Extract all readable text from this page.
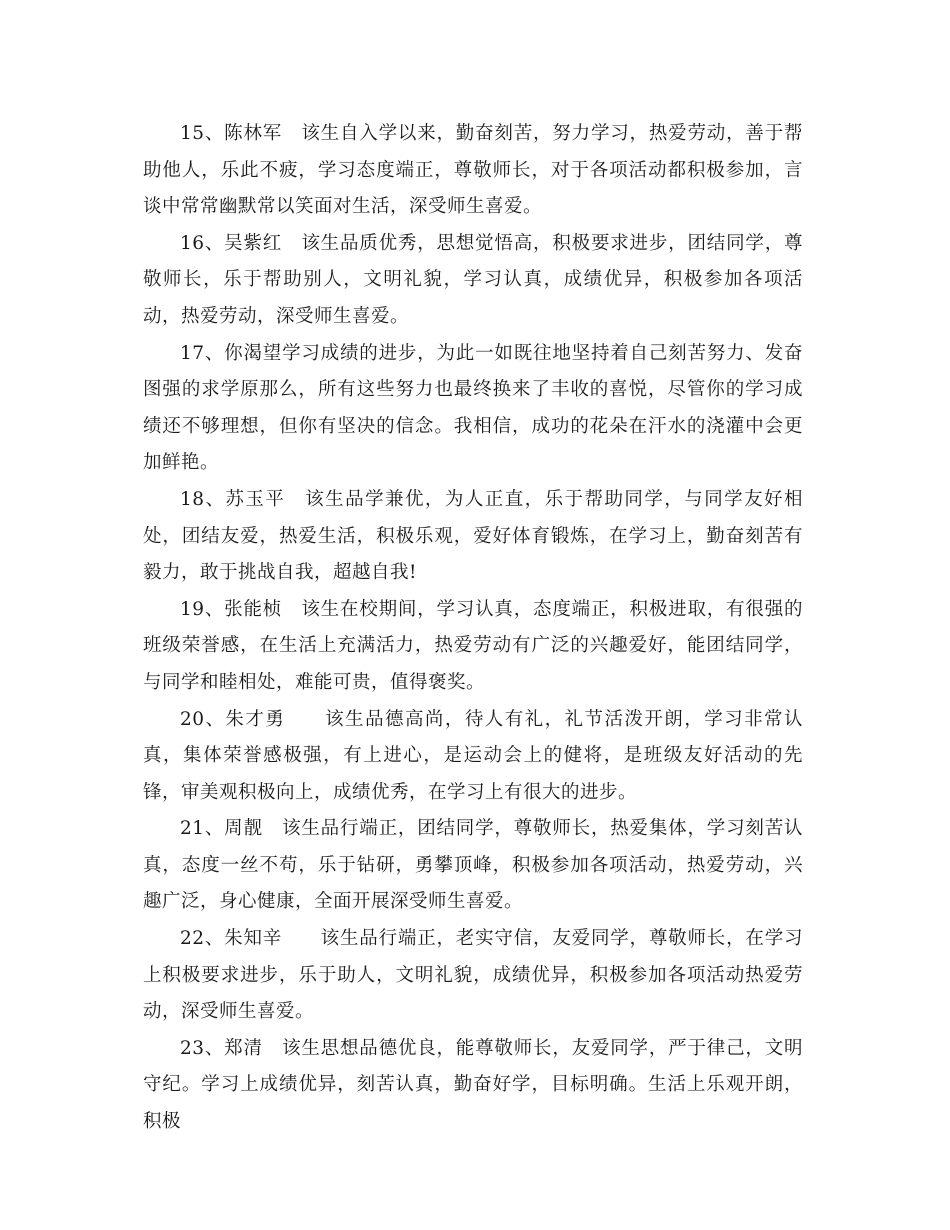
15、陈林军　该生自入学以来，勤奋刻苦，努力学习，热爱劳动，善于帮助他人，乐此不疲，学习态度端正，尊敬师长，对于各项活动都积极参加，言谈中常常幽默常以笑面对生活，深受师生喜爱。

16、吴紫红　该生品质优秀，思想觉悟高，积极要求进步，团结同学，尊敬师长，乐于帮助别人，文明礼貌，学习认真，成绩优异，积极参加各项活动，热爱劳动，深受师生喜爱。

17、你渴望学习成绩的进步，为此一如既往地坚持着自己刻苦努力、发奋图强的求学原那么，所有这些努力也最终换来了丰收的喜悦，尽管你的学习成绩还不够理想，但你有坚决的信念。我相信，成功的花朵在汗水的浇灌中会更加鲜艳。

18、苏玉平　该生品学兼优，为人正直，乐于帮助同学，与同学友好相处，团结友爱，热爱生活，积极乐观，爱好体育锻炼，在学习上，勤奋刻苦有毅力，敢于挑战自我，超越自我!

19、张能桢　该生在校期间，学习认真，态度端正，积极进取，有很强的班级荣誉感，在生活上充满活力，热爱劳动有广泛的兴趣爱好，能团结同学，与同学和睦相处，难能可贵，值得褒奖。

20、朱才勇　　该生品德高尚，待人有礼，礼节活泼开朗，学习非常认真，集体荣誉感极强，有上进心，是运动会上的健将，是班级友好活动的先锋，审美观积极向上，成绩优秀，在学习上有很大的进步。

21、周靓　该生品行端正，团结同学，尊敬师长，热爱集体，学习刻苦认真，态度一丝不苟，乐于钻研，勇攀顶峰，积极参加各项活动，热爱劳动，兴趣广泛，身心健康，全面开展深受师生喜爱。

22、朱知辛　　该生品行端正，老实守信，友爱同学，尊敬师长，在学习上积极要求进步，乐于助人，文明礼貌，成绩优异，积极参加各项活动热爱劳动，深受师生喜爱。

23、郑清　该生思想品德优良，能尊敬师长，友爱同学，严于律己，文明守纪。学习上成绩优异，刻苦认真，勤奋好学，目标明确。生活上乐观开朗，积极
